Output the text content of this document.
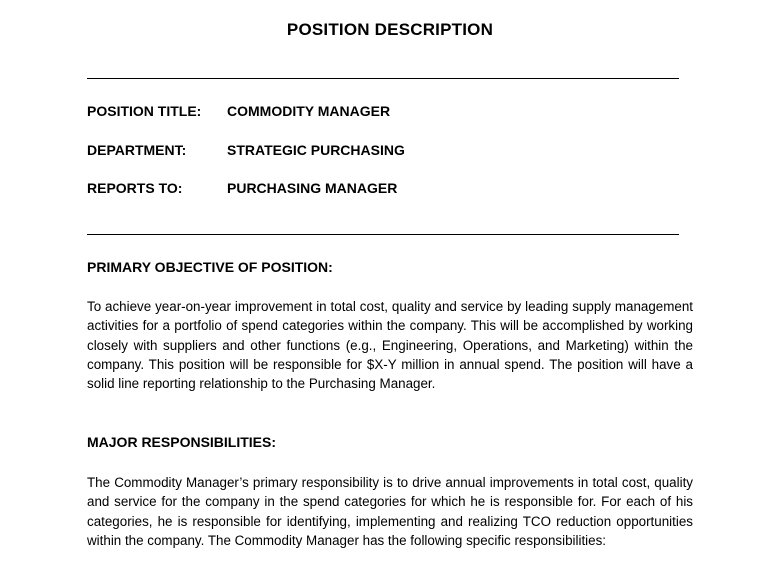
POSITION DESCRIPTION
POSITION TITLE: COMMODITY MANAGER
DEPARTMENT:	STRATEGIC PURCHASING
REPORTS TO:	PURCHASING MANAGER
PRIMARY OBJECTIVE OF POSITION:
To achieve year-on-year improvement in total cost, quality and service by leading supply management activities for a portfolio of spend categories within the company. This will be accomplished by working closely with suppliers and other functions (e.g., Engineering, Operations, and Marketing) within the company. This position will be responsible for $X-Y million in annual spend. The position will have a solid line reporting relationship to the Purchasing Manager.
MAJOR RESPONSIBILITIES:
The Commodity Manager’s primary responsibility is to drive annual improvements in total cost, quality and service for the company in the spend categories for which he is responsible for. For each of his categories, he is responsible for identifying, implementing and realizing TCO reduction opportunities within the company. The Commodity Manager has the following specific responsibilities:
